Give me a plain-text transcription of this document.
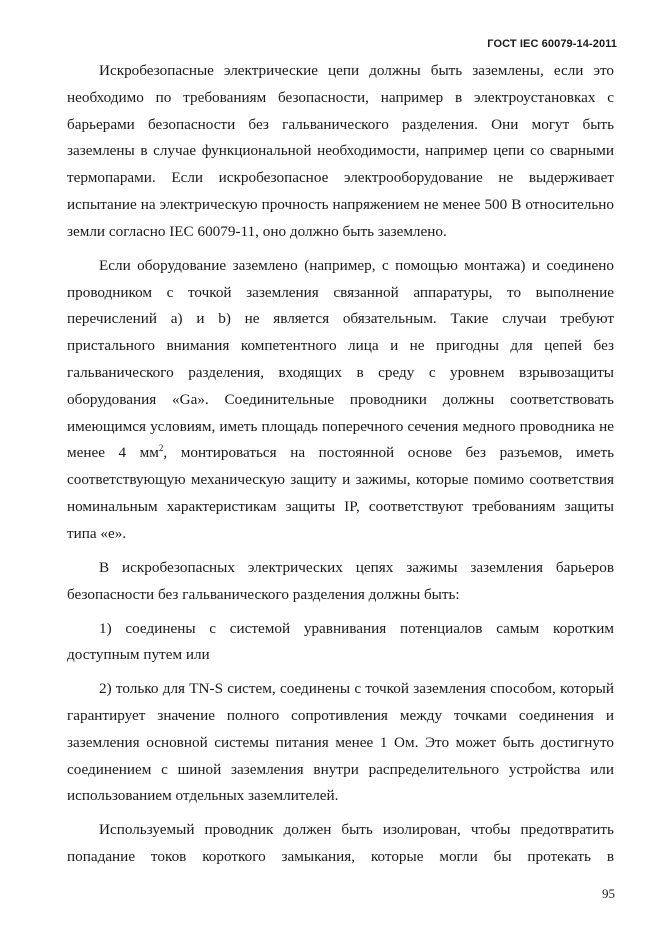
ГОСТ IEC 60079-14-2011

Искробезопасные электрические цепи должны быть заземлены, если это необходимо по требованиям безопасности, например в электроустановках с барьерами безопасности без гальванического разделения. Они могут быть заземлены в случае функциональной необходимости, например цепи со сварными термопарами. Если искробезопасное электрооборудование не выдерживает испытание на электрическую прочность напряжением не менее 500 В относительно земли согласно IEC 60079-11, оно должно быть заземлено.

Если оборудование заземлено (например, с помощью монтажа) и соединено проводником с точкой заземления связанной аппаратуры, то выполнение перечислений а) и b) не является обязательным. Такие случаи требуют пристального внимания компетентного лица и не пригодны для цепей без гальванического разделения, входящих в среду с уровнем взрывозащиты оборудования «Ga». Соединительные проводники должны соответствовать имеющимся условиям, иметь площадь поперечного сечения медного проводника не менее 4 $мм^2$, монтироваться на постоянной основе без разъемов, иметь соответствующую механическую защиту и зажимы, которые помимо соответствия номинальным характеристикам защиты IP, соответствуют требованиям защиты типа «е».

В искробезопасных электрических цепях зажимы заземления барьеров безопасности без гальванического разделения должны быть:

1) соединены с системой уравнивания потенциалов самым коротким доступным путем или

2) только для TN-S систем, соединены с точкой заземления способом, который гарантирует значение полного сопротивления между точками соединения и заземления основной системы питания менее 1 Ом. Это может быть достигнуто соединением с шиной заземления внутри распределительного устройства или использованием отдельных заземлителей.

Используемый проводник должен быть изолирован, чтобы предотвратить попадание токов короткого замыкания, которые могли бы протекать в

95
